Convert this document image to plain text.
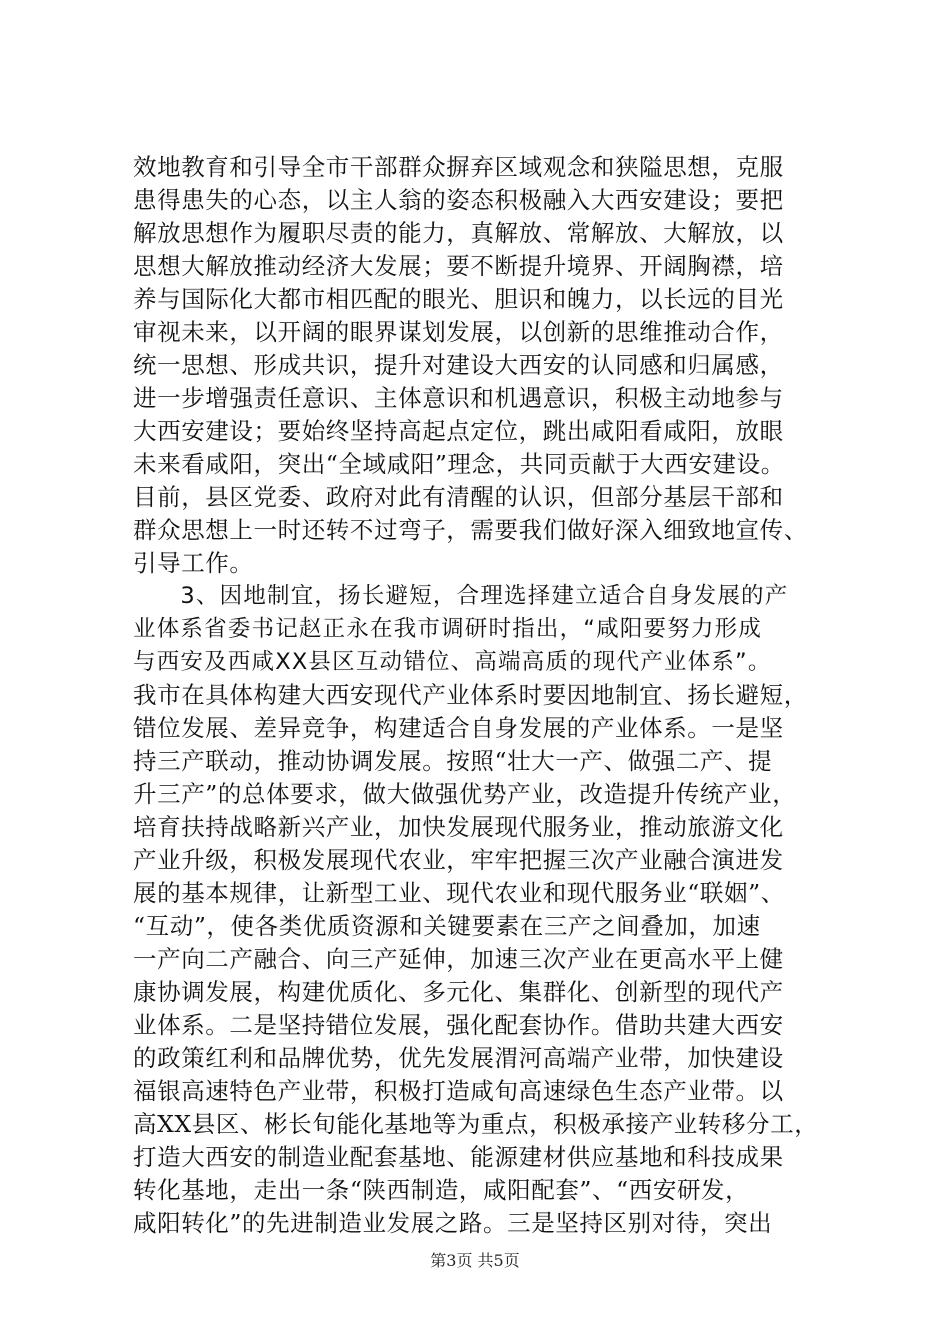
效地教育和引导全市干部群众摒弃区域观念和狭隘思想，克服
患得患失的心态，以主人翁的姿态积极融入大西安建设；要把
解放思想作为履职尽责的能力，真解放、常解放、大解放，以
思想大解放推动经济大发展；要不断提升境界、开阔胸襟，培
养与国际化大都市相匹配的眼光、胆识和魄力，以长远的目光
审视未来，以开阔的眼界谋划发展，以创新的思维推动合作，
统一思想、形成共识，提升对建设大西安的认同感和归属感，
进一步增强责任意识、主体意识和机遇意识，积极主动地参与
大西安建设；要始终坚持高起点定位，跳出咸阳看咸阳，放眼
未来看咸阳，突出“全域咸阳”理念，共同贡献于大西安建设。
目前，县区党委、政府对此有清醒的认识，但部分基层干部和
群众思想上一时还转不过弯子，需要我们做好深入细致地宣传、
引导工作。
　　3、因地制宜，扬长避短，合理选择建立适合自身发展的产
业体系省委书记赵正永在我市调研时指出，“咸阳要努力形成
与西安及西咸XX县区互动错位、高端高质的现代产业体系”。
我市在具体构建大西安现代产业体系时要因地制宜、扬长避短，
错位发展、差异竞争，构建适合自身发展的产业体系。一是坚
持三产联动，推动协调发展。按照“壮大一产、做强二产、提
升三产”的总体要求，做大做强优势产业，改造提升传统产业，
培育扶持战略新兴产业，加快发展现代服务业，推动旅游文化
产业升级，积极发展现代农业，牢牢把握三次产业融合演进发
展的基本规律，让新型工业、现代农业和现代服务业“联姻”、
“互动”，使各类优质资源和关键要素在三产之间叠加，加速
一产向二产融合、向三产延伸，加速三次产业在更高水平上健
康协调发展，构建优质化、多元化、集群化、创新型的现代产
业体系。二是坚持错位发展，强化配套协作。借助共建大西安
的政策红利和品牌优势，优先发展渭河高端产业带，加快建设
福银高速特色产业带，积极打造咸旬高速绿色生态产业带。以
高XX县区、彬长旬能化基地等为重点，积极承接产业转移分工，
打造大西安的制造业配套基地、能源建材供应基地和科技成果
转化基地，走出一条“陕西制造，咸阳配套”、“西安研发，
咸阳转化”的先进制造业发展之路。三是坚持区别对待，突出
第3页 共5页
